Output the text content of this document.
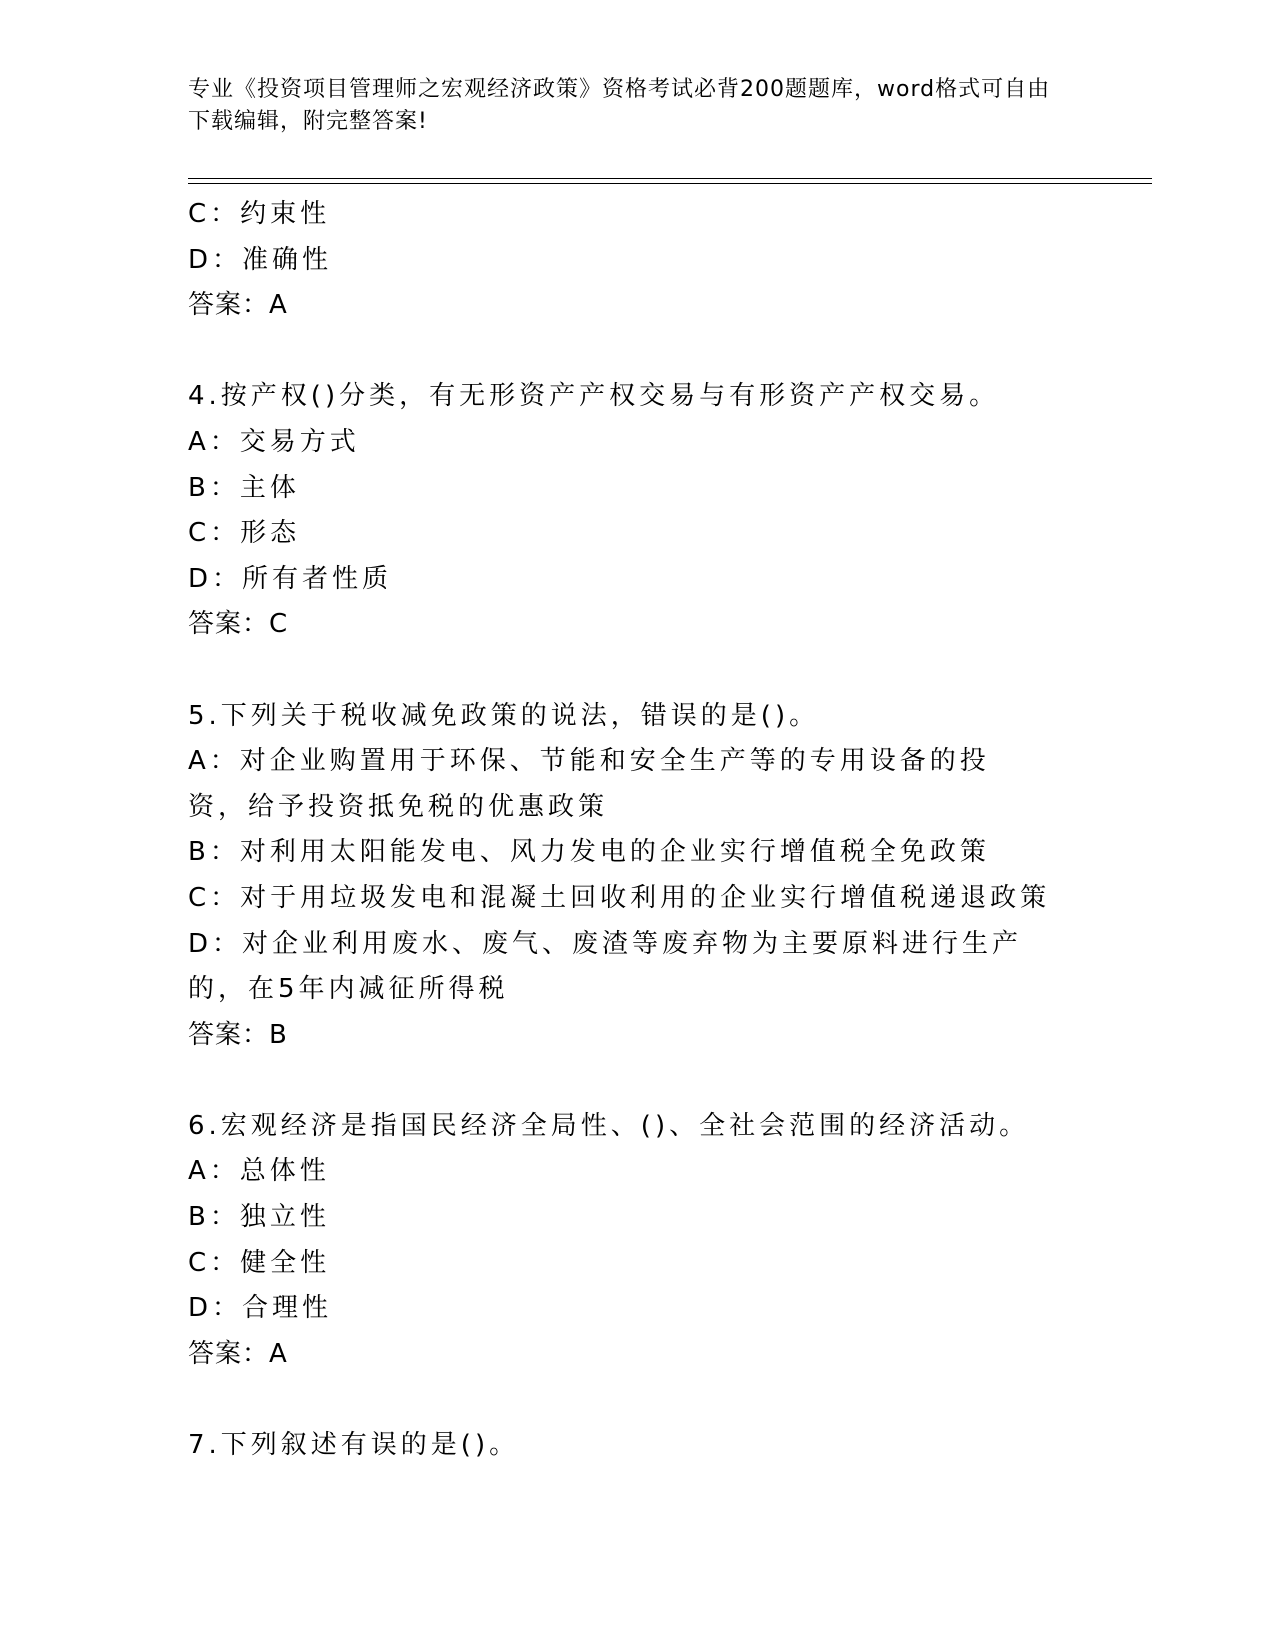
专业《投资项目管理师之宏观经济政策》资格考试必背200题题库，word格式可自由下载编辑，附完整答案!
C：约束性
D：准确性
答案：A
4.按产权()分类，有无形资产产权交易与有形资产产权交易。
A：交易方式
B：主体
C：形态
D：所有者性质
答案：C
5.下列关于税收减免政策的说法，错误的是()。
A：对企业购置用于环保、节能和安全生产等的专用设备的投资，给予投资抵免税的优惠政策
B：对利用太阳能发电、风力发电的企业实行增值税全免政策
C：对于用垃圾发电和混凝土回收利用的企业实行增值税递退政策
D：对企业利用废水、废气、废渣等废弃物为主要原料进行生产的，在5年内减征所得税
答案：B
6.宏观经济是指国民经济全局性、()、全社会范围的经济活动。
A：总体性
B：独立性
C：健全性
D：合理性
答案：A
7.下列叙述有误的是()。
